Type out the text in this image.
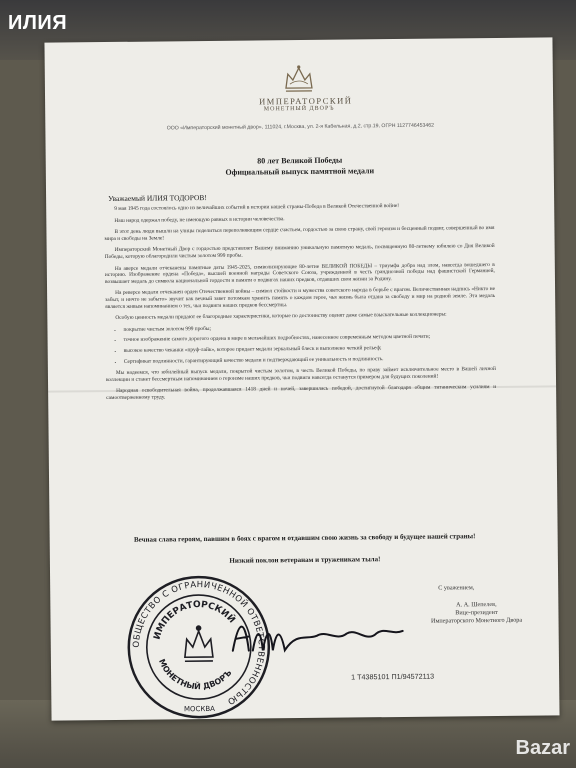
ИЛИЯ
ИМПЕРАТОРСКИЙ
МОНЕТНЫЙ ДВОРЪ
ООО «Императорский монетный двор», 111024, г.Москва, ул. 2-я Кабельная, д.2, стр.19, ОГРН 1127746453462
80 лет Великой Победы
Официальный выпуск памятной медали
Уважаемый ИЛИЯ ТОДОРОВ!

9 мая 1945 года состоялось одно из величайших событий в истории нашей страны-Победа в Великой Отечественной войне!

Наш народ одержал победу, не имеющую равных в истории человечества.

В этот день люди вышли на улицы поделиться переполняющим сердце счастьем, гордостью за свою страну, свой героизм и бесценный подвиг, совершенный во имя мира и свободы на Земле!

Императорский Монетный Двор с гордостью представляет Вашему вниманию уникальную памятную медаль, посвященную 80-летнему юбилею со Дня Великой Победы, которую облагородили чистым золотом 999 пробы.

На аверсе медали отчеканены памятные даты 1945-2025, символизирующие 80-летие ВЕЛИКОЙ ПОБЕДЫ – триумфа добра над злом, навсегда вошедшего в историю. Изображение ордена «Победа», высшей военной награды Советского Союза, учрежденной в честь грандиозной победы над фашистской Германией, возвышает медаль до символа национальной гордости и памяти о подвигах наших предков, отдавших свои жизни за Родину.

На реверсе медали отчеканен орден Отечественной войны – символ стойкости и мужества советского народа в борьбе с врагом. Величественная надпись «Никто не забыт, и ничто не забыто» звучит как вечный завет потомкам хранить память о каждом герое, чья жизнь была отдана за свободу и мир на родной земле. Эта медаль является живым напоминанием о тех, чьи подвиги наших предков бессмертны.

Особую ценность медали придают ее благородные характеристики, которые по достоинству оценят даже самые взыскательные коллекционеры:

• покрытие чистым золотом 999 пробы;
• точное изображение самого дорогого ордена в мире в мельчайших подробностях, нанесенное современным методом цветной печати;
• высокое качество чеканки «пруф-лайк», которое придает медали зеркальный блеск и выполнено четкий рельеф;
• Сертификат подлинности, гарантирующий качество медали и подтверждающий ее уникальность и подлинность.

Мы надеемся, что юбилейный выпуск медали, покрытой чистым золотом, в честь Великой Победы, по праву займет исключительное место в Вашей личной коллекции и станет бессмертным напоминанием о героизме наших предков, чьи подвиги навсегда останутся примером для будущих поколений!

Народная освободительная война, продолжавшаяся 1418 дней и ночей, завершилась победой, достигнутой благодаря общим титаническим усилиям и самоотверженному труду.

Вечная слава героям, павшим в боях с врагом и отдавшим свою жизнь за свободу и будущее нашей страны!
Низкий поклон ветеранам и труженикам тыла!
С уважением,
А. А. Шепелев,
Вице-президент
Императорского Монетного Двора
ОБЩЕСТВО С ОГРАНИЧЕННОЙ ОТВЕТСТВЕННОСТЬЮ
ИМПЕРАТОРСКИЙ
МОНЕТНЫЙ ДВОРЪ
МОСКВА
1 Т4385101 П1/94572113
Bazar
